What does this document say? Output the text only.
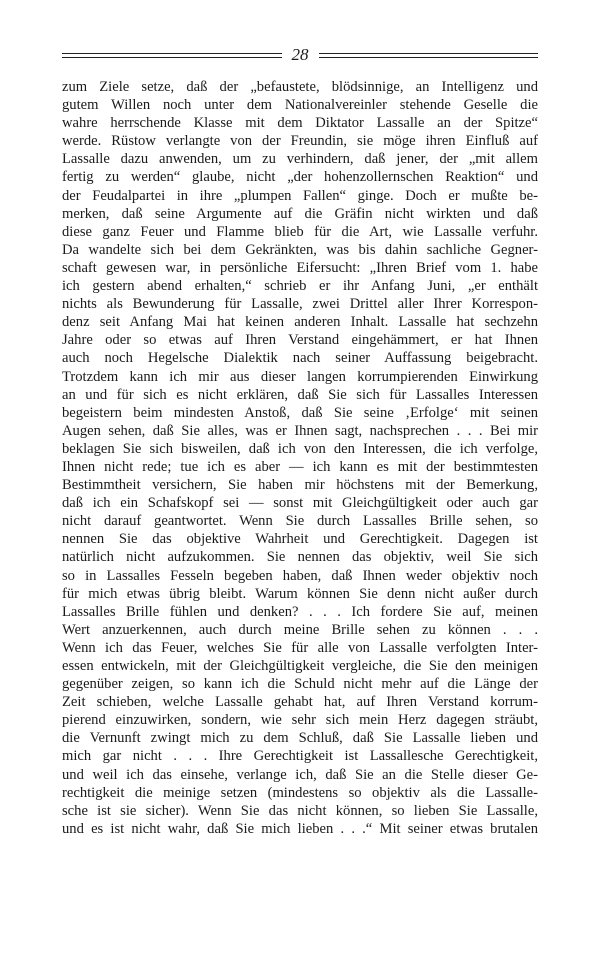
28
zum Ziele setze, daß der „befaustete, blödsinnige, an Intelligenz und
gutem Willen noch unter dem Nationalvereinler stehende Geselle die
wahre herrschende Klasse mit dem Diktator Lassalle an der Spitze“
werde. Rüstow verlangte von der Freundin, sie möge ihren Einfluß auf
Lassalle dazu anwenden, um zu verhindern, daß jener, der „mit allem
fertig zu werden“ glaube, nicht „der hohenzollernschen Reaktion“ und
der Feudalpartei in ihre „plumpen Fallen“ ginge. Doch er mußte be-
merken, daß seine Argumente auf die Gräfin nicht wirkten und daß
diese ganz Feuer und Flamme blieb für die Art, wie Lassalle verfuhr.
Da wandelte sich bei dem Gekränkten, was bis dahin sachliche Gegner-
schaft gewesen war, in persönliche Eifersucht: „Ihren Brief vom 1. habe
ich gestern abend erhalten,“ schrieb er ihr Anfang Juni, „er enthält
nichts als Bewunderung für Lassalle, zwei Drittel aller Ihrer Korrespon-
denz seit Anfang Mai hat keinen anderen Inhalt. Lassalle hat sechzehn
Jahre oder so etwas auf Ihren Verstand eingehämmert, er hat Ihnen
auch noch Hegelsche Dialektik nach seiner Auffassung beigebracht.
Trotzdem kann ich mir aus dieser langen korrumpierenden Einwirkung
an und für sich es nicht erklären, daß Sie sich für Lassalles Interessen
begeistern beim mindesten Anstoß, daß Sie seine ‚Erfolge‘ mit seinen
Augen sehen, daß Sie alles, was er Ihnen sagt, nachsprechen . . . Bei mir
beklagen Sie sich bisweilen, daß ich von den Interessen, die ich verfolge,
Ihnen nicht rede; tue ich es aber — ich kann es mit der bestimmtesten
Bestimmtheit versichern, Sie haben mir höchstens mit der Bemerkung,
daß ich ein Schafskopf sei — sonst mit Gleichgültigkeit oder auch gar
nicht darauf geantwortet. Wenn Sie durch Lassalles Brille sehen, so
nennen Sie das objektive Wahrheit und Gerechtigkeit. Dagegen ist
natürlich nicht aufzukommen. Sie nennen das objektiv, weil Sie sich
so in Lassalles Fesseln begeben haben, daß Ihnen weder objektiv noch
für mich etwas übrig bleibt. Warum können Sie denn nicht außer durch
Lassalles Brille fühlen und denken? . . . Ich fordere Sie auf, meinen
Wert anzuerkennen, auch durch meine Brille sehen zu können . . .
Wenn ich das Feuer, welches Sie für alle von Lassalle verfolgten Inter-
essen entwickeln, mit der Gleichgültigkeit vergleiche, die Sie den meinigen
gegenüber zeigen, so kann ich die Schuld nicht mehr auf die Länge der
Zeit schieben, welche Lassalle gehabt hat, auf Ihren Verstand korrum-
pierend einzuwirken, sondern, wie sehr sich mein Herz dagegen sträubt,
die Vernunft zwingt mich zu dem Schluß, daß Sie Lassalle lieben und
mich gar nicht . . . Ihre Gerechtigkeit ist Lassallesche Gerechtigkeit,
und weil ich das einsehe, verlange ich, daß Sie an die Stelle dieser Ge-
rechtigkeit die meinige setzen (mindestens so objektiv als die Lassalle-
sche ist sie sicher). Wenn Sie das nicht können, so lieben Sie Lassalle,
und es ist nicht wahr, daß Sie mich lieben . . .“ Mit seiner etwas brutalen
